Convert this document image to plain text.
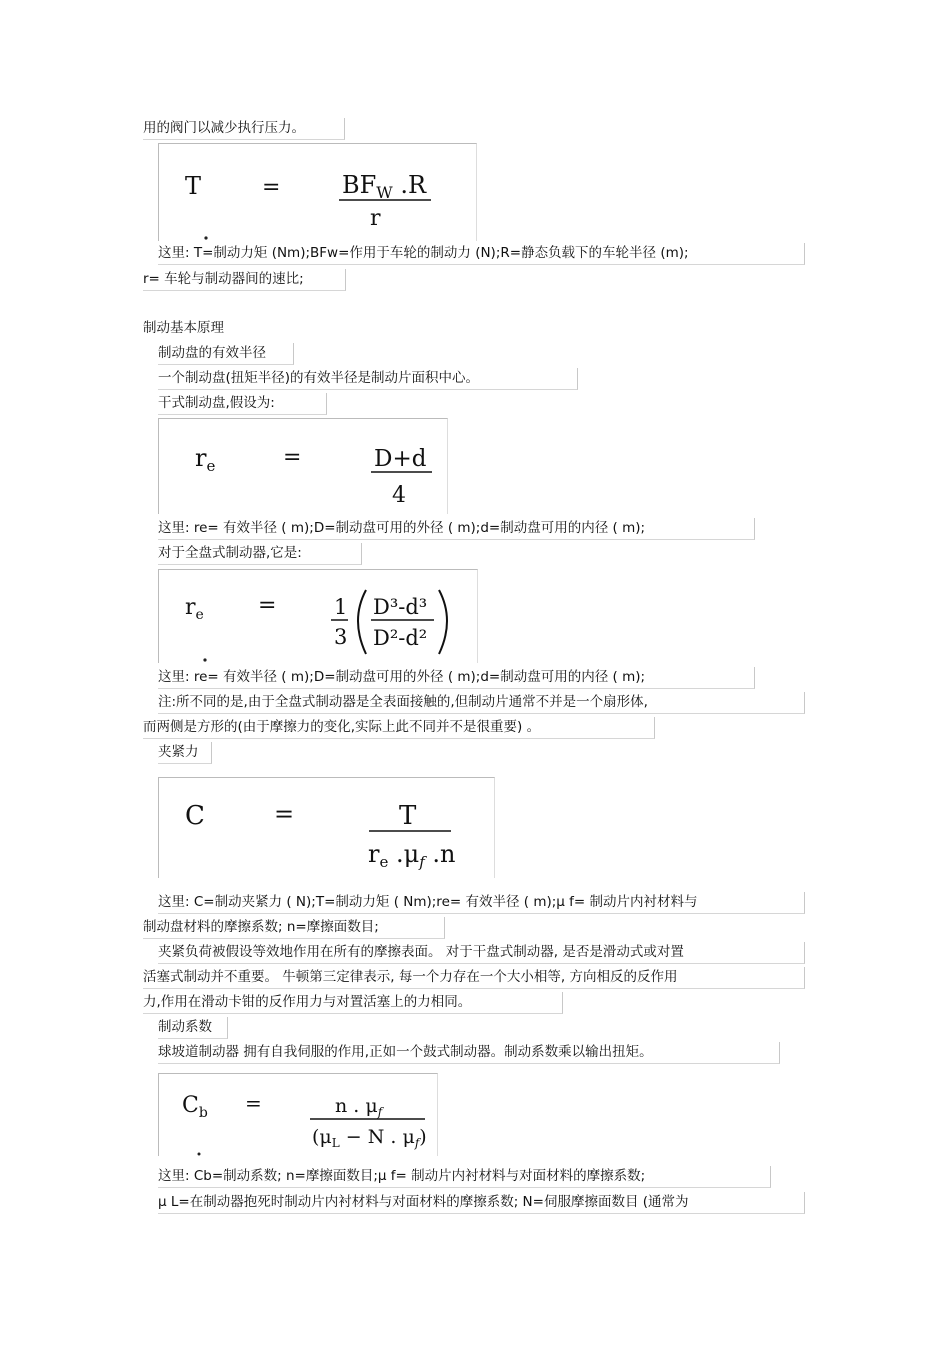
用的阀门以减少执行压力。
T	=	$BF_W$ .R
r
这里: T=制动力矩 (Nm);BFw=作用于车轮的制动力 (N);R=静态负载下的车轮半径 (m);
r= 车轮与制动器间的速比;
制动基本原理
制动盘的有效半径
一个制动盘(扭矩半径)的有效半径是制动片面积中心。
干式制动盘,假设为:
$r_e$	=	D+d
4
这里: re= 有效半径 ( m);D=制动盘可用的外径 ( m);d=制动盘可用的内径 ( m);
对于全盘式制动器,它是:
$r_e$ =	1
3
D³-d³
D²-d²
这里: re= 有效半径 ( m);D=制动盘可用的外径 ( m);d=制动盘可用的内径 ( m);
注:所不同的是,由于全盘式制动器是全表面接触的,但制动片通常不并是一个扇形体,
而两侧是方形的(由于摩擦力的变化,实际上此不同并不是很重要) 。
夹紧力
C	=	T
$r_e$ $.\mu_f$ .n
这里: C=制动夹紧力 ( N);T=制动力矩 ( Nm);re= 有效半径 ( m);μ f= 制动片内衬材料与
制动盘材料的摩擦系数; n=摩擦面数目;
夹紧负荷被假设等效地作用在所有的摩擦表面。 对于干盘式制动器, 是否是滑动式或对置
活塞式制动并不重要。 牛顿第三定律表示, 每一个力存在一个大小相等, 方向相反的反作用
力,作用在滑动卡钳的反作用力与对置活塞上的力相同。
制动系数
球坡道制动器 拥有自我伺服的作用,正如一个鼓式制动器。制动系数乘以输出扭矩。
$C_b$ =	n . $\mu_f$
($\mu_L - N$ . $\mu_f$)
这里: Cb=制动系数; n=摩擦面数目;μ f= 制动片内衬材料与对面材料的摩擦系数;
μ L=在制动器抱死时制动片内衬材料与对面材料的摩擦系数; N=伺服摩擦面数目 (通常为
